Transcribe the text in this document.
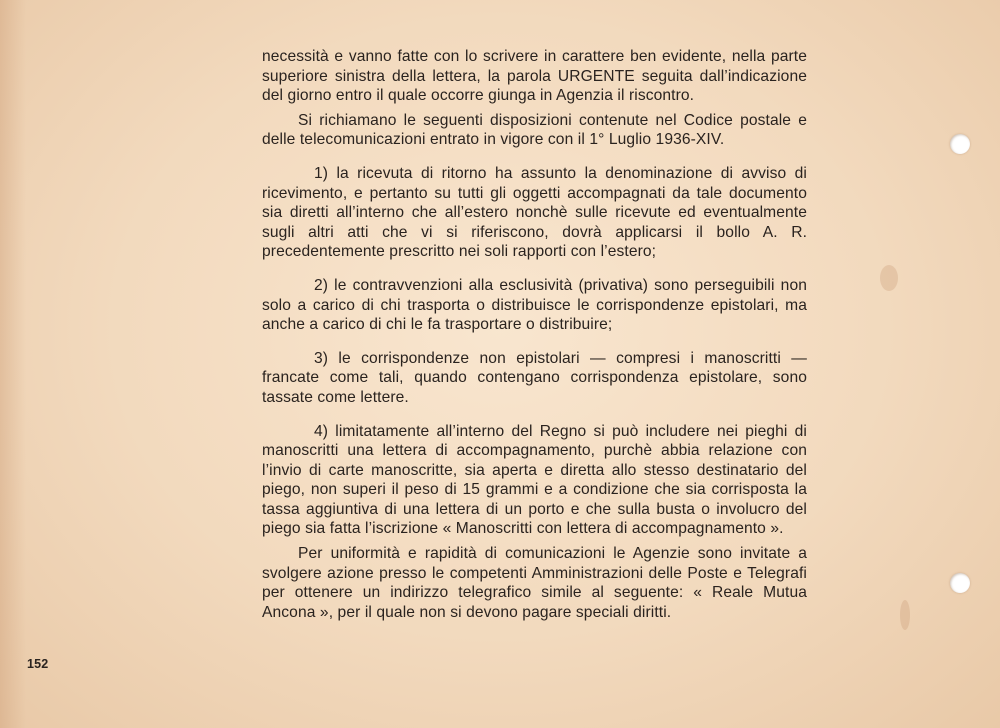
necessità e vanno fatte con lo scrivere in carattere ben evidente, nella parte superiore sinistra della lettera, la parola URGENTE seguita dall’indicazione del giorno entro il quale occorre giunga in Agenzia il riscontro.

Si richiamano le seguenti disposizioni contenute nel Codice postale e delle telecomunicazioni entrato in vigore con il 1° Luglio 1936-XIV.

1) la ricevuta di ritorno ha assunto la denominazione di avviso di ricevimento, e pertanto su tutti gli oggetti accompagnati da tale documento sia diretti all’interno che all’estero nonchè sulle ricevute ed eventualmente sugli altri atti che vi si riferiscono, dovrà applicarsi il bollo A. R. precedentemente prescritto nei soli rapporti con l’estero;

2) le contravvenzioni alla esclusività (privativa) sono perseguibili non solo a carico di chi trasporta o distribuisce le corrispondenze epistolari, ma anche a carico di chi le fa trasportare o distribuire;

3) le corrispondenze non epistolari — compresi i manoscritti — francate come tali, quando contengano corrispondenza epistolare, sono tassate come lettere.

4) limitatamente all’interno del Regno si può includere nei pieghi di manoscritti una lettera di accompagnamento, purchè abbia relazione con l’invio di carte manoscritte, sia aperta e diretta allo stesso destinatario del piego, non superi il peso di 15 grammi e a condizione che sia corrisposta la tassa aggiuntiva di una lettera di un porto e che sulla busta o involucro del piego sia fatta l’iscrizione « Manoscritti con lettera di accompagnamento ».

Per uniformità e rapidità di comunicazioni le Agenzie sono invitate a svolgere azione presso le competenti Amministrazioni delle Poste e Telegrafi per ottenere un indirizzo telegrafico simile al seguente: « Reale Mutua Ancona », per il quale non si devono pagare speciali diritti.

152
